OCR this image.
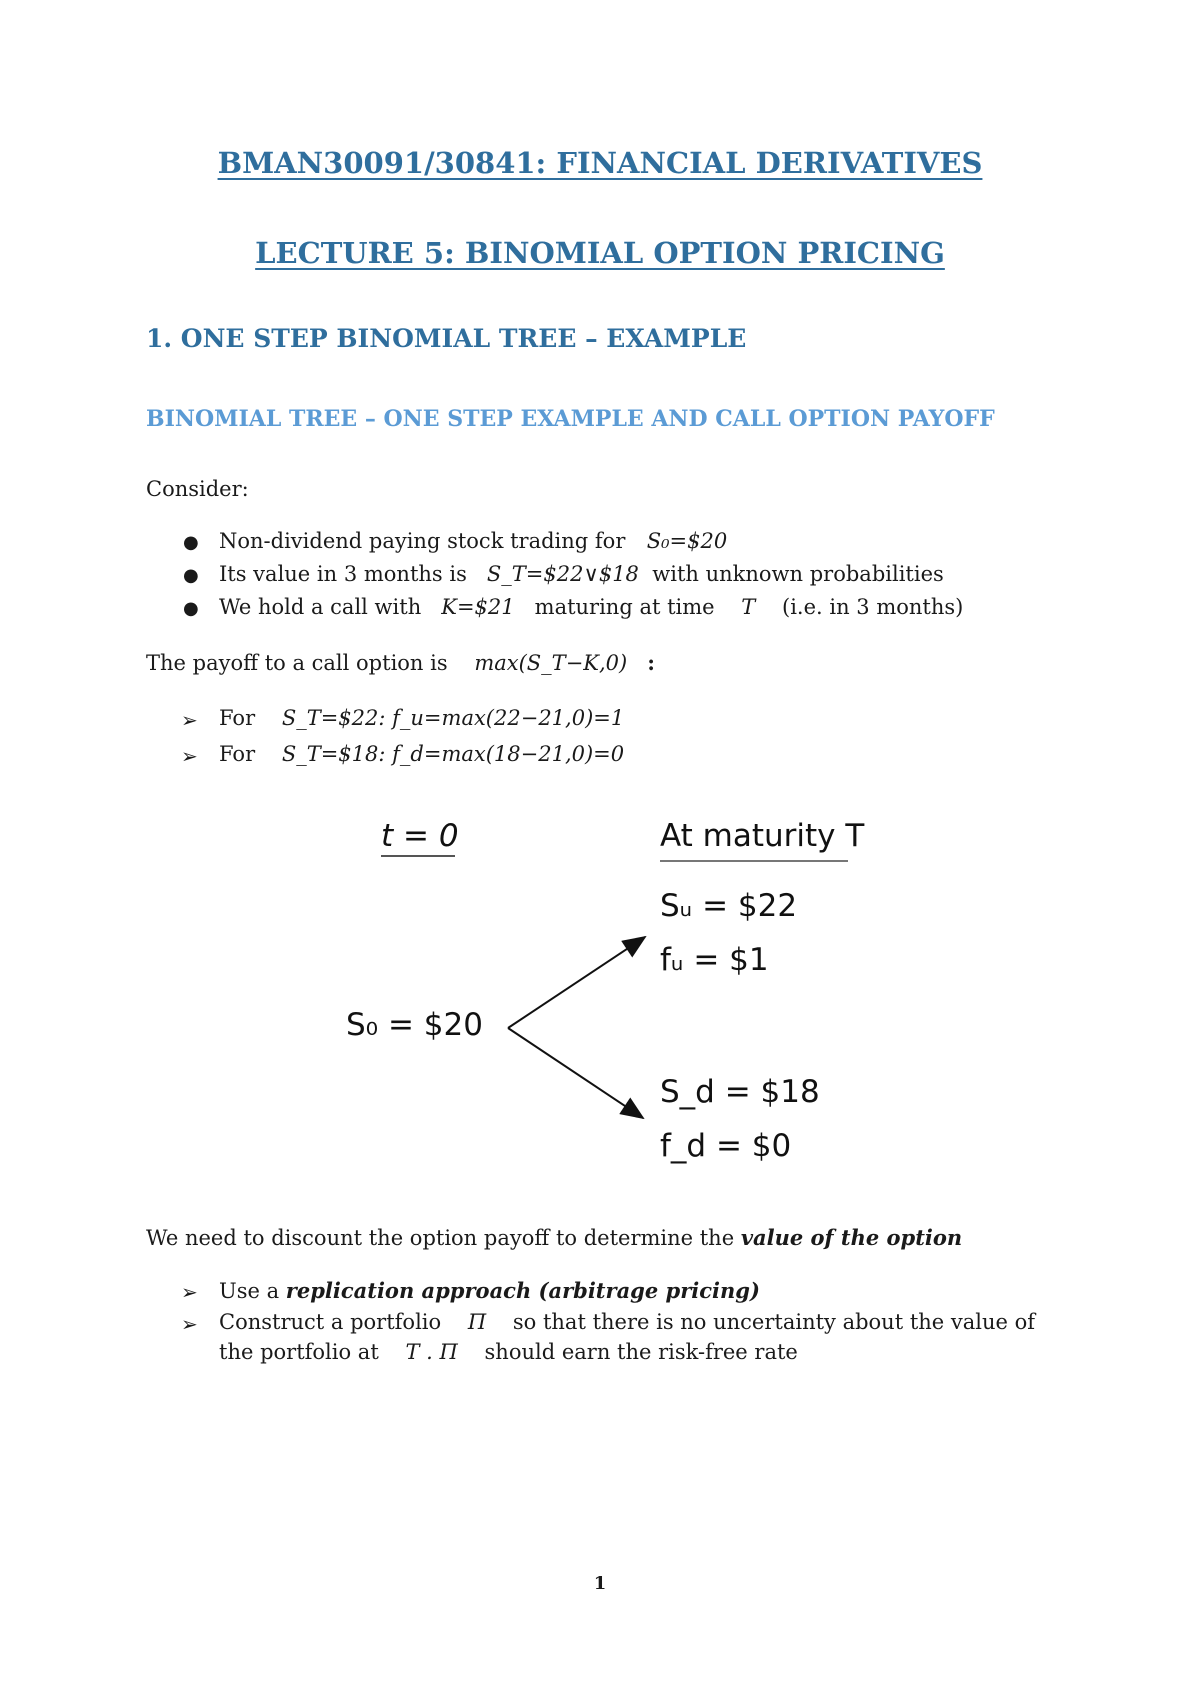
BMAN30091/30841: FINANCIAL DERIVATIVES
LECTURE 5: BINOMIAL OPTION PRICING
1. ONE STEP BINOMIAL TREE – EXAMPLE
BINOMIAL TREE – ONE STEP EXAMPLE AND CALL OPTION PAYOFF
Consider:
● Non-dividend paying stock trading for S₀=$20
● Its value in 3 months is S_T=$22∨$18 with unknown probabilities
● We hold a call with K=$21 maturing at time T (i.e. in 3 months)
The payoff to a call option is max(S_T−K,0) :
➢ For S_T=$22: f_u=max(22−21,0)=1
➢ For S_T=$18: f_d=max(18−21,0)=0
t = 0	At maturity T
Sᵤ = $22
fᵤ = $1
S₀ = $20
S_d = $18
f_d = $0
We need to discount the option payoff to determine the value of the option
➢ Use a replication approach (arbitrage pricing)
➢ Construct a portfolio Π so that there is no uncertainty about the value of
the portfolio at T . Π should earn the risk-free rate
1
